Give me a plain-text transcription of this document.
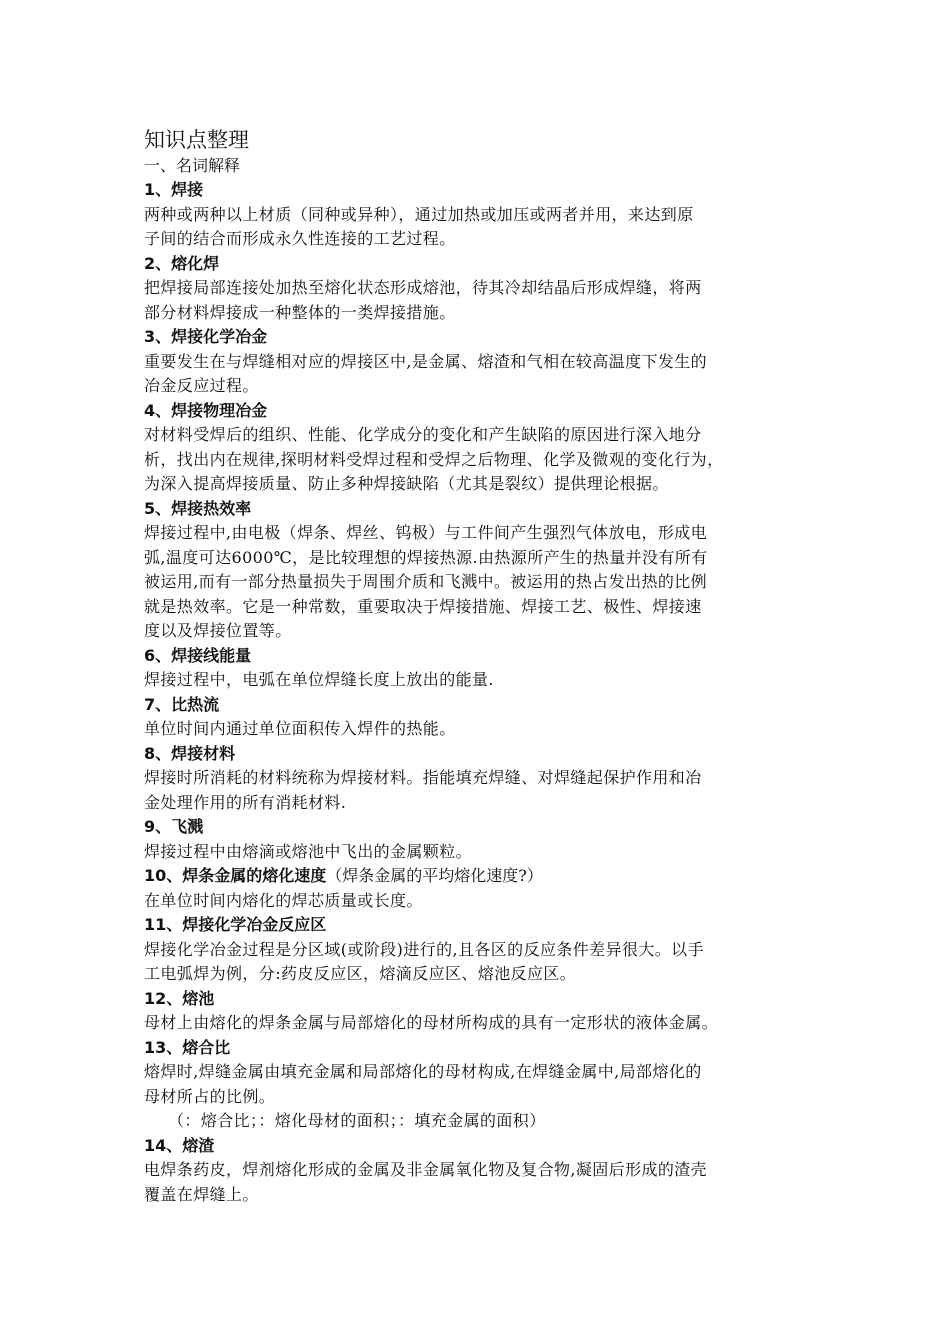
知识点整理
一、名词解释
1、焊接
两种或两种以上材质（同种或异种），通过加热或加压或两者并用，来达到原
子间的结合而形成永久性连接的工艺过程。
2、熔化焊
把焊接局部连接处加热至熔化状态形成熔池，待其冷却结晶后形成焊缝，将两
部分材料焊接成一种整体的一类焊接措施。
3、焊接化学冶金
重要发生在与焊缝相对应的焊接区中,是金属、熔渣和气相在较高温度下发生的
冶金反应过程。
4、焊接物理冶金
对材料受焊后的组织、性能、化学成分的变化和产生缺陷的原因进行深入地分
析，找出内在规律,探明材料受焊过程和受焊之后物理、化学及微观的变化行为，
为深入提高焊接质量、防止多种焊接缺陷（尤其是裂纹）提供理论根据。
5、焊接热效率
焊接过程中,由电极（焊条、焊丝、钨极）与工件间产生强烈气体放电，形成电
弧,温度可达6000℃，是比较理想的焊接热源.由热源所产生的热量并没有所有
被运用,而有一部分热量损失于周围介质和飞溅中。被运用的热占发出热的比例
就是热效率。它是一种常数，重要取决于焊接措施、焊接工艺、极性、焊接速
度以及焊接位置等。
6、焊接线能量
焊接过程中，电弧在单位焊缝长度上放出的能量.
7、比热流
单位时间内通过单位面积传入焊件的热能。
8、焊接材料
焊接时所消耗的材料统称为焊接材料。指能填充焊缝、对焊缝起保护作用和冶
金处理作用的所有消耗材料.
9、飞溅
焊接过程中由熔滴或熔池中飞出的金属颗粒。
10、焊条金属的熔化速度（焊条金属的平均熔化速度?）
在单位时间内熔化的焊芯质量或长度。
11、焊接化学冶金反应区
焊接化学冶金过程是分区域(或阶段)进行的,且各区的反应条件差异很大。以手
工电弧焊为例，分:药皮反应区，熔滴反应区、熔池反应区。
12、熔池
母材上由熔化的焊条金属与局部熔化的母材所构成的具有一定形状的液体金属。
13、熔合比
熔焊时,焊缝金属由填充金属和局部熔化的母材构成,在焊缝金属中,局部熔化的
母材所占的比例。
（：熔合比；：熔化母材的面积；：填充金属的面积）
14、熔渣
电焊条药皮，焊剂熔化形成的金属及非金属氧化物及复合物,凝固后形成的渣壳
覆盖在焊缝上。
